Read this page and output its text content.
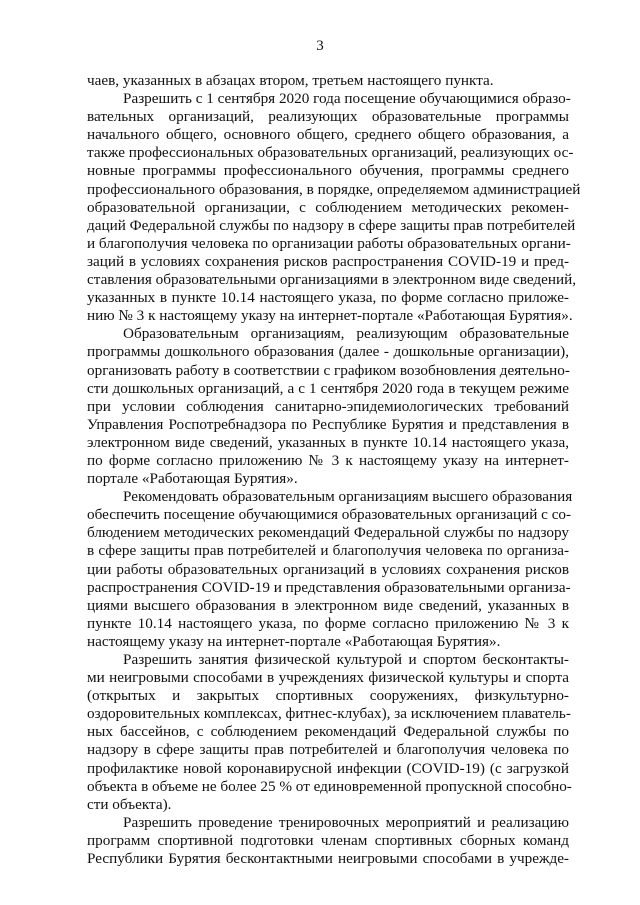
3
чаев, указанных в абзацах втором, третьем настоящего пункта.
Разрешить с 1 сентября 2020 года посещение обучающимися образо-
вательных организаций, реализующих образовательные программы
начального общего, основного общего, среднего общего образования, а
также профессиональных образовательных организаций, реализующих ос-
новные программы профессионального обучения, программы среднего
профессионального образования, в порядке, определяемом администрацией
образовательной организации, с соблюдением методических рекомен-
даций Федеральной службы по надзору в сфере защиты прав потребителей
и благополучия человека по организации работы образовательных органи-
заций в условиях сохранения рисков распространения COVID-19 и пред-
ставления образовательными организациями в электронном виде сведений,
указанных в пункте 10.14 настоящего указа, по форме согласно приложе-
нию № 3 к настоящему указу на интернет-портале «Работающая Бурятия».
Образовательным организациям, реализующим образовательные
программы дошкольного образования (далее - дошкольные организации),
организовать работу в соответствии с графиком возобновления деятельно-
сти дошкольных организаций, а с 1 сентября 2020 года в текущем режиме
при условии соблюдения санитарно-эпидемиологических требований
Управления Роспотребнадзора по Республике Бурятия и представления в
электронном виде сведений, указанных в пункте 10.14 настоящего указа,
по форме согласно приложению № 3 к настоящему указу на интернет-
портале «Работающая Бурятия».
Рекомендовать образовательным организациям высшего образования
обеспечить посещение обучающимися образовательных организаций с со-
блюдением методических рекомендаций Федеральной службы по надзору
в сфере защиты прав потребителей и благополучия человека по организа-
ции работы образовательных организаций в условиях сохранения рисков
распространения COVID-19 и представления образовательными организа-
циями высшего образования в электронном виде сведений, указанных в
пункте 10.14 настоящего указа, по форме согласно приложению № 3 к
настоящему указу на интернет-портале «Работающая Бурятия».
Разрешить занятия физической культурой и спортом бесконтакты-
ми неигровыми способами в учреждениях физической культуры и спорта
(открытых и закрытых спортивных сооружениях, физкультурно-
оздоровительных комплексах, фитнес-клубах), за исключением плаватель-
ных бассейнов, с соблюдением рекомендаций Федеральной службы по
надзору в сфере защиты прав потребителей и благополучия человека по
профилактике новой коронавирусной инфекции (COVID-19) (с загрузкой
объекта в объеме не более 25 % от единовременной пропускной способно-
сти объекта).
Разрешить проведение тренировочных мероприятий и реализацию
программ спортивной подготовки членам спортивных сборных команд
Республики Бурятия бесконтактными неигровыми способами в учрежде-
